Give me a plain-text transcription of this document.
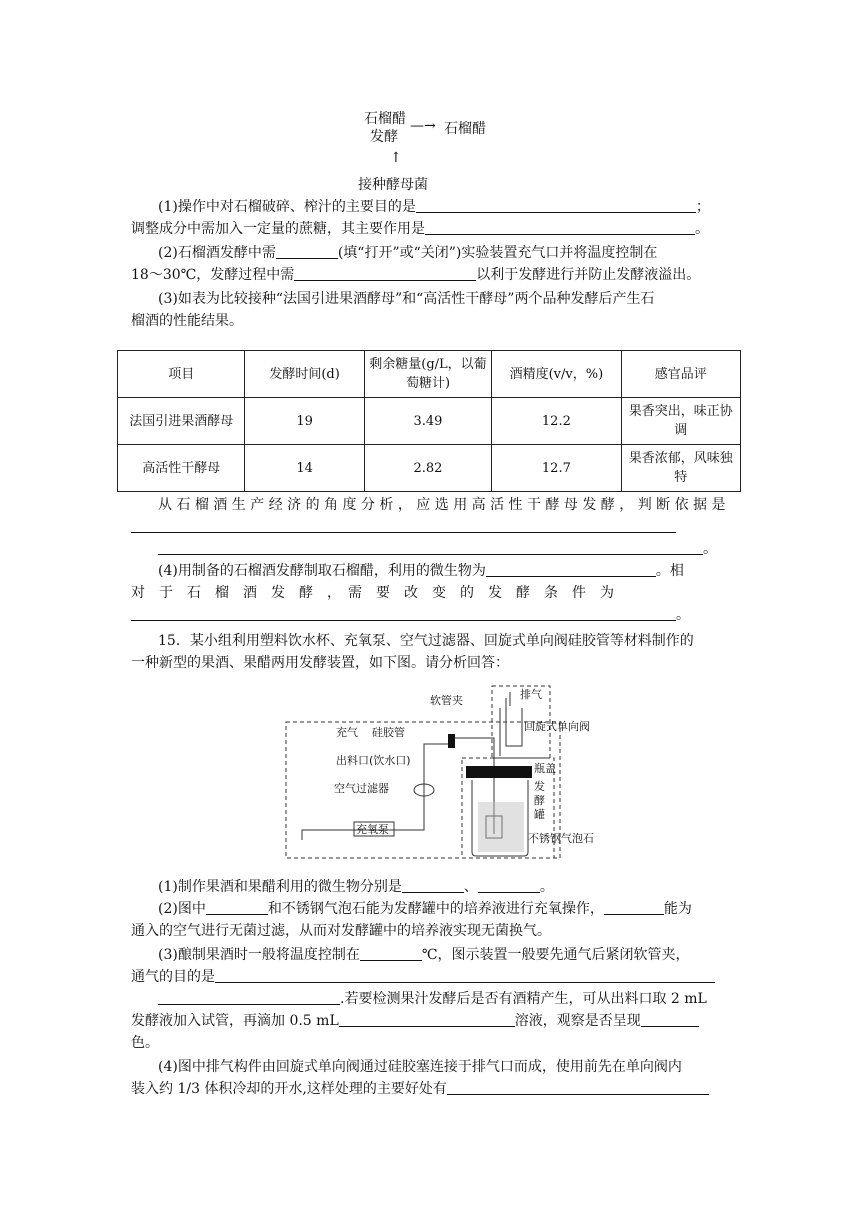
石榴醋
发酵
—→ 石榴醋
↑
接种酵母菌
(1)操作中对石榴破碎、榨汁的主要目的是	；
调整成分中需加入一定量的蔗糖，其主要作用是	。
(2)石榴酒发酵中需	(填“打开”或“关闭”)实验装置充气口并将温度控制在
18～30℃，发酵过程中需	以利于发酵进行并防止发酵液溢出。
(3)如表为比较接种“法国引进果酒酵母”和“高活性干酵母”两个品种发酵后产生石
榴酒的性能结果。
项目	发酵时间(d)	剩余糖量(g/L，以葡萄糖计)	酒精度(v/v，%)	感官品评
法国引进果酒酵母	19	3.49	12.2	果香突出，味正协调
高活性干酵母	14	2.82	12.7	果香浓郁，风味独特
从 石 榴 酒 生 产 经 济 的 角 度 分 析 ， 应 选 用 高 活 性 干 酵 母 发 酵 ， 判 断 依 据 是
。
(4)用制备的石榴酒发酵制取石榴醋，利用的微生物为	。相
对　于　石　榴　酒　发　酵　，　需　要　改　变　的　发　酵　条　件　为
。
15．某小组利用塑料饮水杯、充氧泵、空气过滤器、回旋式单向阀硅胶管等材料制作的
一种新型的果酒、果醋两用发酵装置，如下图。请分析回答：
软管夹	排气
回旋式单向阀
充气 硅胶管
出料口(饮水口)
瓶盖
发
酵
罐
空气过滤器
充氧泵
不锈钢气泡石
(1)制作果酒和果醋利用的微生物分别是	、	。
(2)图中	和不锈钢气泡石能为发酵罐中的培养液进行充氧操作，	能为
通入的空气进行无菌过滤，从而对发酵罐中的培养液实现无菌换气。
(3)酿制果酒时一般将温度控制在	℃，图示装置一般要先通气后紧闭软管夹，
通气的目的是
.若要检测果汁发酵后是否有酒精产生，可从出料口取 2 mL
发酵液加入试管，再滴加 0.5 mL	溶液，观察是否呈现
色。
(4)图中排气构件由回旋式单向阀通过硅胶塞连接于排气口而成，使用前先在单向阀内
装入约 1/3 体积冷却的开水,这样处理的主要好处有
